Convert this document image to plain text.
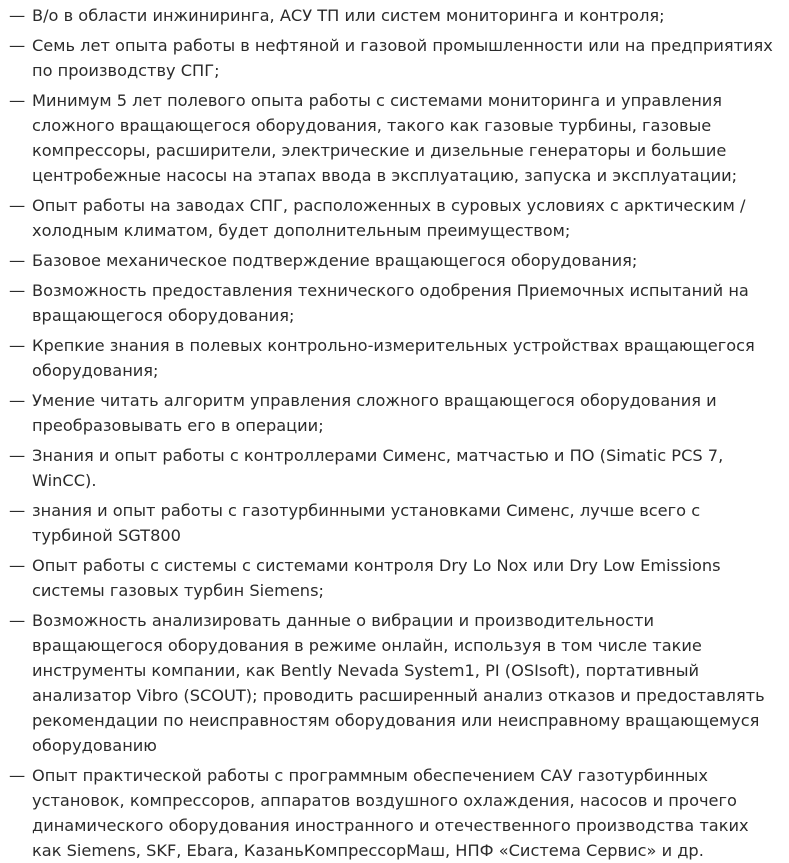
— В/о в области инжиниринга, АСУ ТП или систем мониторинга и контроля;
— Семь лет опыта работы в нефтяной и газовой промышленности или на предприятиях по производству СПГ;
— Минимум 5 лет полевого опыта работы с системами мониторинга и управления сложного вращающегося оборудования, такого как газовые турбины, газовые компрессоры, расширители, электрические и дизельные генераторы и большие центробежные насосы на этапах ввода в эксплуатацию, запуска и эксплуатации;
— Опыт работы на заводах СПГ, расположенных в суровых условиях с арктическим / холодным климатом, будет дополнительным преимуществом;
— Базовое механическое подтверждение вращающегося оборудования;
— Возможность предоставления технического одобрения Приемочных испытаний на вращающегося оборудования;
— Крепкие знания в полевых контрольно-измерительных устройствах вращающегося оборудования;
— Умение читать алгоритм управления сложного вращающегося оборудования и преобразовывать его в операции;
— Знания и опыт работы с контроллерами Сименс, матчастью и ПО (Simatic PCS 7, WinCC).
— знания и опыт работы с газотурбинными установками Сименс, лучше всего с турбиной SGT800
— Опыт работы с системы с системами контроля Dry Lo Nox или Dry Low Emissions системы газовых турбин Siemens;
— Возможность анализировать данные о вибрации и производительности вращающегося оборудования в режиме онлайн, используя в том числе такие инструменты компании, как Bently Nevada System1, PI (OSIsoft), портативный анализатор Vibro (SCOUT); проводить расширенный анализ отказов и предоставлять рекомендации по неисправностям оборудования или неисправному вращающемуся оборудованию
— Опыт практической работы с программным обеспечением САУ газотурбинных установок, компрессоров, аппаратов воздушного охлаждения, насосов и прочего динамического оборудования иностранного и отечественного производства таких как Siemens, SKF, Ebara, КазаньКомпрессорМаш, НПФ «Система Сервис» и др.
